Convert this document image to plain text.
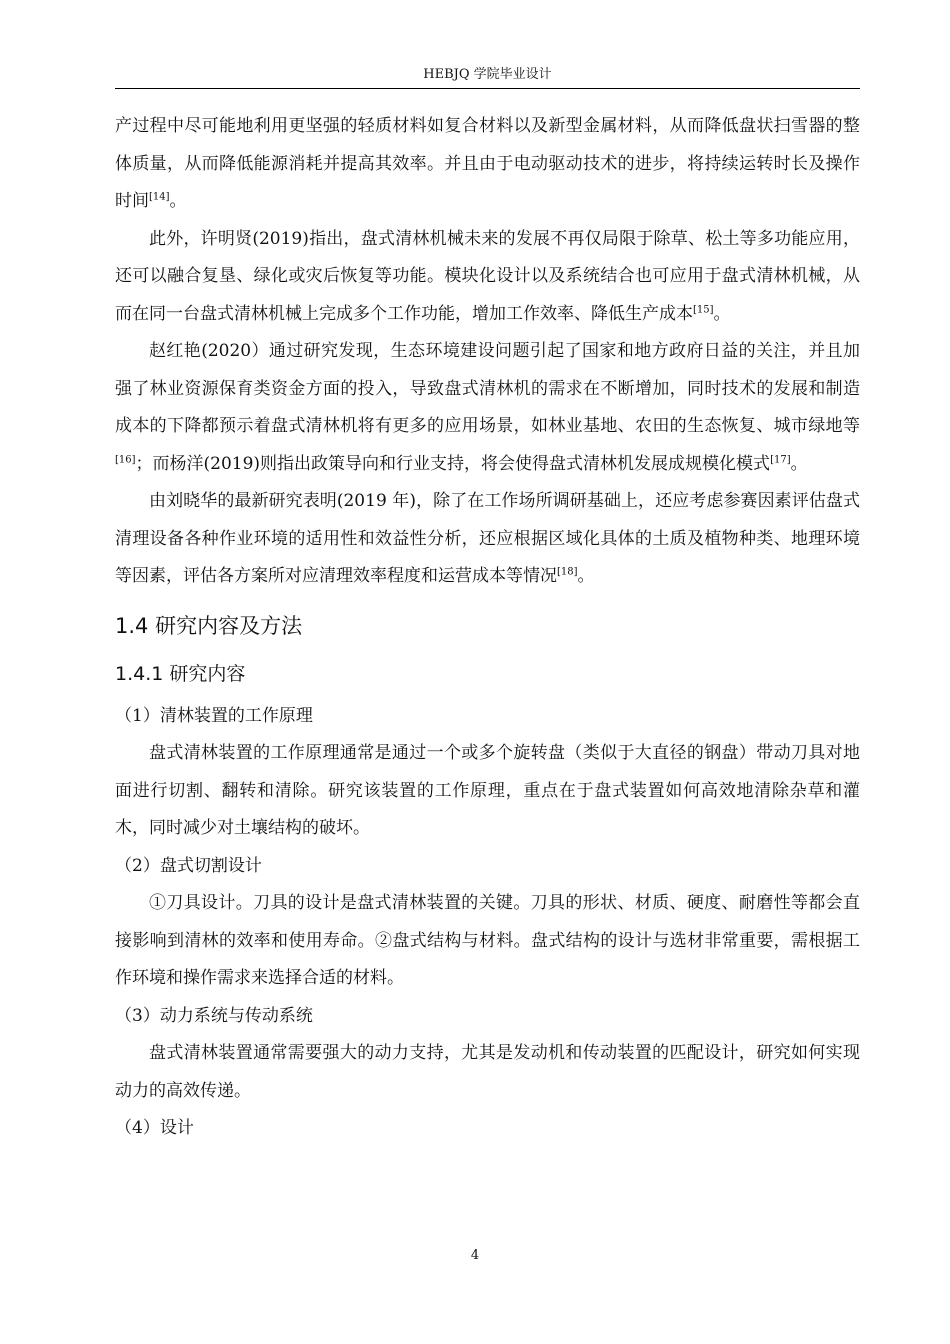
HEBJQ 学院毕业设计

产过程中尽可能地利用更坚强的轻质材料如复合材料以及新型金属材料，从而降低盘状扫雪器的整体质量，从而降低能源消耗并提高其效率。并且由于电动驱动技术的进步，将持续运转时长及操作时间[14]。

此外，许明贤(2019)指出，盘式清林机械未来的发展不再仅局限于除草、松土等多功能应用，还可以融合复垦、绿化或灾后恢复等功能。模块化设计以及系统结合也可应用于盘式清林机械，从而在同一台盘式清林机械上完成多个工作功能，增加工作效率、降低生产成本[15]。

赵红艳(2020）通过研究发现，生态环境建设问题引起了国家和地方政府日益的关注，并且加强了林业资源保育类资金方面的投入，导致盘式清林机的需求在不断增加，同时技术的发展和制造成本的下降都预示着盘式清林机将有更多的应用场景，如林业基地、农田的生态恢复、城市绿地等[16]；而杨洋(2019)则指出政策导向和行业支持，将会使得盘式清林机发展成规模化模式[17]。

由刘晓华的最新研究表明(2019 年)，除了在工作场所调研基础上，还应考虑参赛因素评估盘式清理设备各种作业环境的适用性和效益性分析，还应根据区域化具体的土质及植物种类、地理环境等因素，评估各方案所对应清理效率程度和运营成本等情况[18]。

1.4 研究内容及方法
1.4.1 研究内容

（1）清林装置的工作原理

盘式清林装置的工作原理通常是通过一个或多个旋转盘（类似于大直径的钢盘）带动刀具对地面进行切割、翻转和清除。研究该装置的工作原理，重点在于盘式装置如何高效地清除杂草和灌木，同时减少对土壤结构的破坏。

（2）盘式切割设计

①刀具设计。刀具的设计是盘式清林装置的关键。刀具的形状、材质、硬度、耐磨性等都会直接影响到清林的效率和使用寿命。②盘式结构与材料。盘式结构的设计与选材非常重要，需根据工作环境和操作需求来选择合适的材料。

（3）动力系统与传动系统

盘式清林装置通常需要强大的动力支持，尤其是发动机和传动装置的匹配设计，研究如何实现动力的高效传递。

（4）设计

4
